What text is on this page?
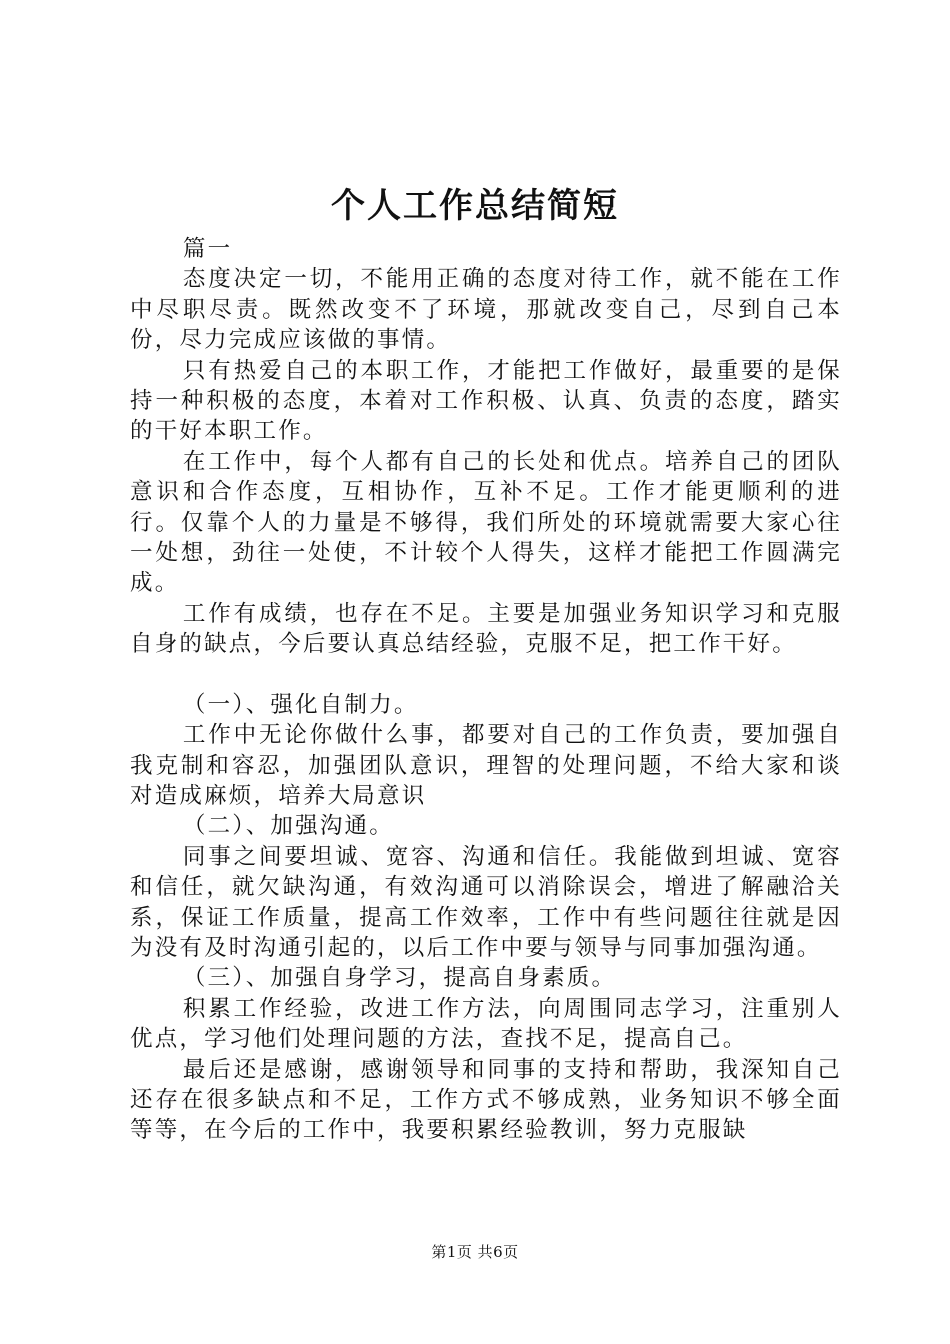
个人工作总结简短

篇一

态度决定一切，不能用正确的态度对待工作，就不能在工作中尽职尽责。既然改变不了环境，那就改变自己，尽到自己本份，尽力完成应该做的事情。

只有热爱自己的本职工作，才能把工作做好，最重要的是保持一种积极的态度，本着对工作积极、认真、负责的态度，踏实的干好本职工作。

在工作中，每个人都有自己的长处和优点。培养自己的团队意识和合作态度，互相协作，互补不足。工作才能更顺利的进行。仅靠个人的力量是不够得，我们所处的环境就需要大家心往一处想，劲往一处使，不计较个人得失，这样才能把工作圆满完成。

工作有成绩，也存在不足。主要是加强业务知识学习和克服自身的缺点，今后要认真总结经验，克服不足，把工作干好。

（一）、强化自制力。

工作中无论你做什么事，都要对自己的工作负责，要加强自我克制和容忍，加强团队意识，理智的处理问题，不给大家和谈对造成麻烦，培养大局意识

（二）、加强沟通。

同事之间要坦诚、宽容、沟通和信任。我能做到坦诚、宽容和信任，就欠缺沟通，有效沟通可以消除误会，增进了解融洽关系，保证工作质量，提高工作效率，工作中有些问题往往就是因为没有及时沟通引起的，以后工作中要与领导与同事加强沟通。

（三）、加强自身学习，提高自身素质。

积累工作经验，改进工作方法，向周围同志学习，注重别人优点，学习他们处理问题的方法，查找不足，提高自己。

最后还是感谢，感谢领导和同事的支持和帮助，我深知自己还存在很多缺点和不足，工作方式不够成熟，业务知识不够全面等等，在今后的工作中，我要积累经验教训，努力克服缺

第1页 共6页
